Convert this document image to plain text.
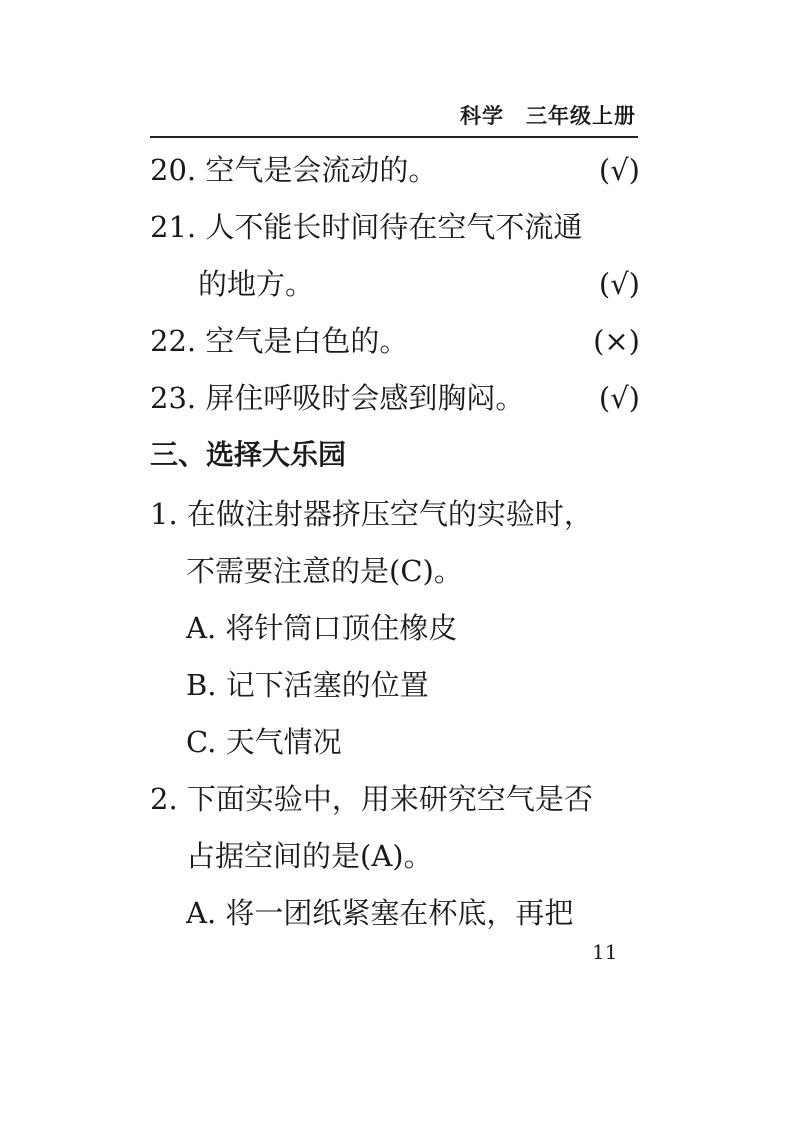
科学　三年级上册
20. 空气是会流动的。	(√)
21. 人不能长时间待在空气不流通
的地方。	(√)
22. 空气是白色的。	(×)
23. 屏住呼吸时会感到胸闷。	(√)
三、选择大乐园
1. 在做注射器挤压空气的实验时，
不需要注意的是(C)。
A. 将针筒口顶住橡皮
B. 记下活塞的位置
C. 天气情况
2. 下面实验中，用来研究空气是否
占据空间的是(A)。
A. 将一团纸紧塞在杯底，再把
11
